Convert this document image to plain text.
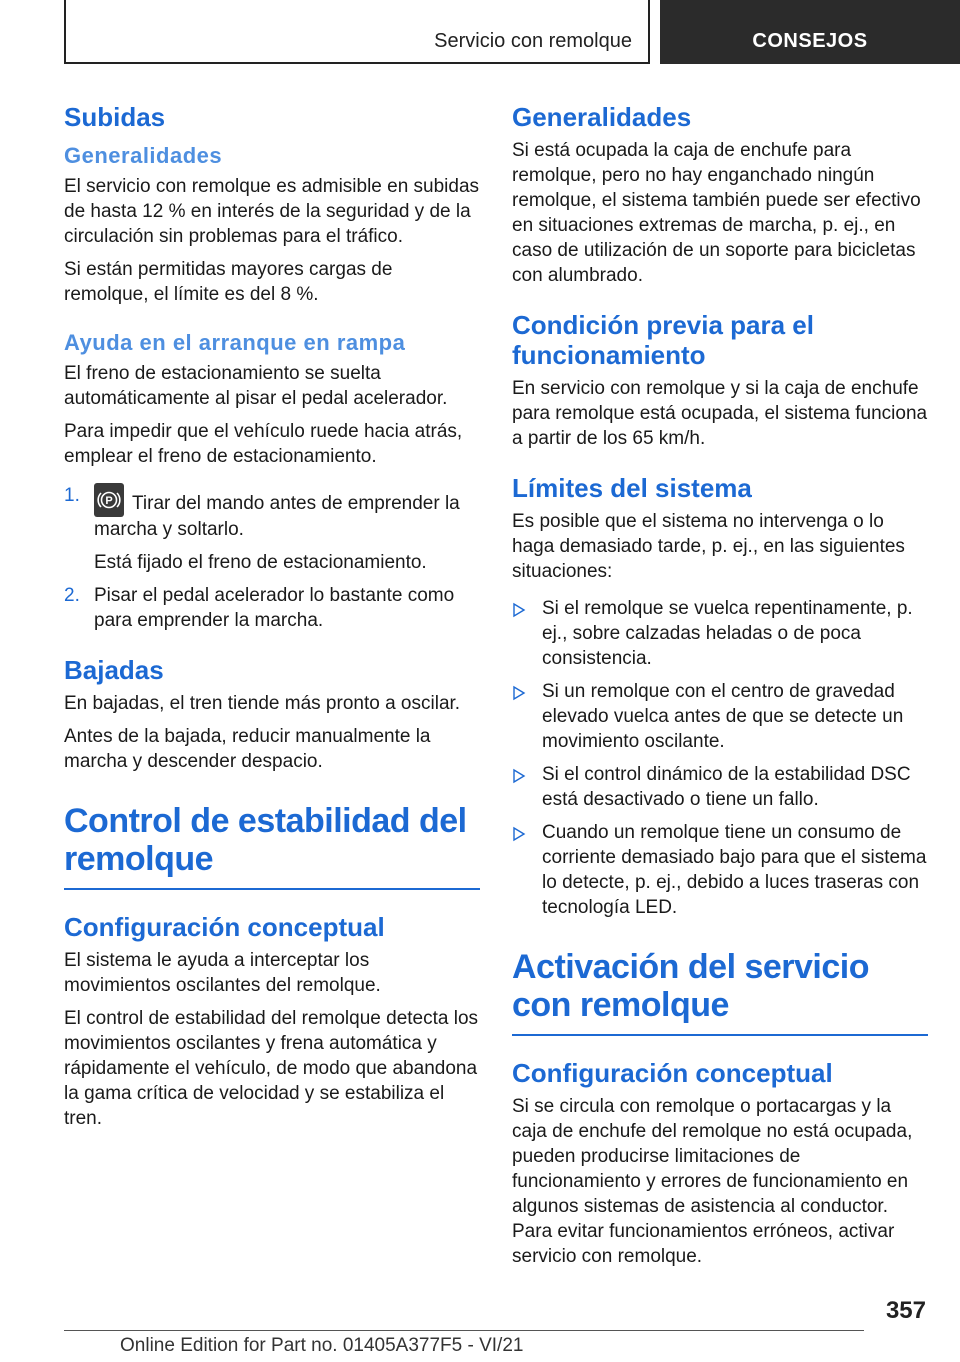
Servicio con remolque	CONSEJOS
Subidas
Generalidades

El servicio con remolque es admisible en subidas de hasta 12 % en interés de la seguridad y de la circulación sin problemas para el tráfico.

Si están permitidas mayores cargas de remolque, el límite es del 8 %.

Ayuda en el arranque en rampa

El freno de estacionamiento se suelta automáticamente al pisar el pedal acelerador.

Para impedir que el vehículo ruede hacia atrás, emplear el freno de estacionamiento.

1. P Tirar del mando antes de emprender la marcha y soltarlo.

Está fijado el freno de estacionamiento.

2. Pisar el pedal acelerador lo bastante como para emprender la marcha.
Bajadas

En bajadas, el tren tiende más pronto a oscilar.

Antes de la bajada, reducir manualmente la marcha y descender despacio.

Control de estabilidad del remolque
Configuración conceptual

El sistema le ayuda a interceptar los movimientos oscilantes del remolque.

El control de estabilidad del remolque detecta los movimientos oscilantes y frena automática y rápidamente el vehículo, de modo que abandona la gama crítica de velocidad y se estabiliza el tren.

Generalidades

Si está ocupada la caja de enchufe para remolque, pero no hay enganchado ningún remolque, el sistema también puede ser efectivo en situaciones extremas de marcha, p. ej., en caso de utilización de un soporte para bicicletas con alumbrado.

Condición previa para el funcionamiento

En servicio con remolque y si la caja de enchufe para remolque está ocupada, el sistema funciona a partir de los 65 km/h.

Límites del sistema

Es posible que el sistema no intervenga o lo haga demasiado tarde, p. ej., en las siguientes situaciones:

Si el remolque se vuelca repentinamente, p. ej., sobre calzadas heladas o de poca consistencia.
Si un remolque con el centro de gravedad elevado vuelca antes de que se detecte un movimiento oscilante.
Si el control dinámico de la estabilidad DSC está desactivado o tiene un fallo.
Cuando un remolque tiene un consumo de corriente demasiado bajo para que el sistema lo detecte, p. ej., debido a luces traseras con tecnología LED.
Activación del servicio con remolque
Configuración conceptual

Si se circula con remolque o portacargas y la caja de enchufe del remolque no está ocupada, pueden producirse limitaciones de funcionamiento y errores de funcionamiento en algunos sistemas de asistencia al conductor. Para evitar funcionamientos erróneos, activar servicio con remolque.

357
Online Edition for Part no. 01405A377F5 - VI/21
